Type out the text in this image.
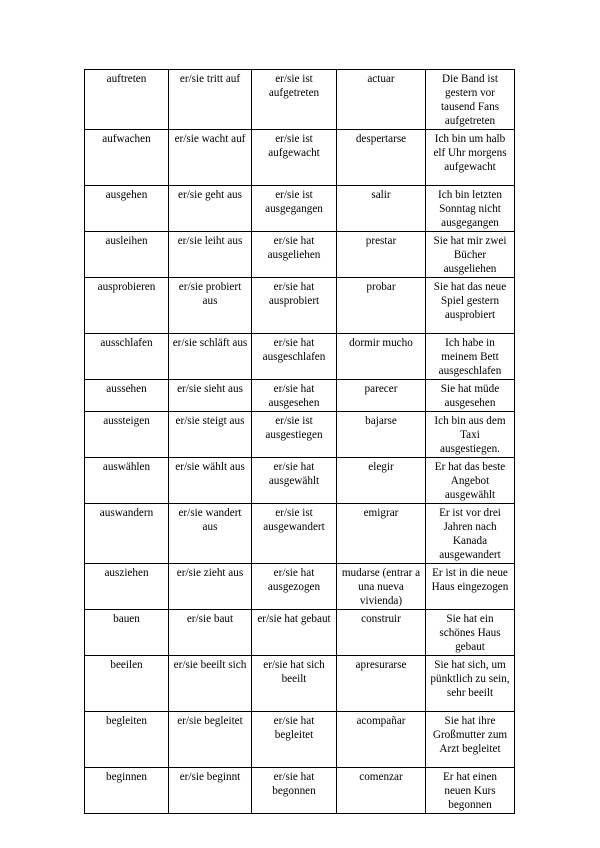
auftreten	er/sie tritt auf	er/sie ist aufgetreten	actuar	Die Band ist gestern vor tausend Fans aufgetreten
aufwachen	er/sie wacht auf	er/sie ist aufgewacht	despertarse	Ich bin um halb elf Uhr morgens aufgewacht
ausgehen	er/sie geht aus	er/sie ist ausgegangen	salir	Ich bin letzten Sonntag nicht ausgegangen
ausleihen	er/sie leiht aus	er/sie hat ausgeliehen	prestar	Sie hat mir zwei Bücher ausgeliehen
ausprobieren	er/sie probiert aus	er/sie hat ausprobiert	probar	Sie hat das neue Spiel gestern ausprobiert
ausschlafen	er/sie schläft aus	er/sie hat ausgeschlafen	dormir mucho	Ich habe in meinem Bett ausgeschlafen
aussehen	er/sie sieht aus	er/sie hat ausgesehen	parecer	Sie hat müde ausgesehen
aussteigen	er/sie steigt aus	er/sie ist ausgestiegen	bajarse	Ich bin aus dem Taxi ausgestiegen.
auswählen	er/sie wählt aus	er/sie hat ausgewählt	elegir	Er hat das beste Angebot ausgewählt
auswandern	er/sie wandert aus	er/sie ist ausgewandert	emigrar	Er ist vor drei Jahren nach Kanada ausgewandert
ausziehen	er/sie zieht aus	er/sie hat ausgezogen	mudarse (entrar a una nueva vivienda)	Er ist in die neue Haus eingezogen
bauen	er/sie baut	er/sie hat gebaut	construir	Sie hat ein schönes Haus gebaut
beeilen	er/sie beeilt sich	er/sie hat sich beeilt	apresurarse	Sie hat sich, um pünktlich zu sein, sehr beeilt
begleiten	er/sie begleitet	er/sie hat begleitet	acompañar	Sie hat ihre Großmutter zum Arzt begleitet
beginnen	er/sie beginnt	er/sie hat begonnen	comenzar	Er hat einen neuen Kurs begonnen
